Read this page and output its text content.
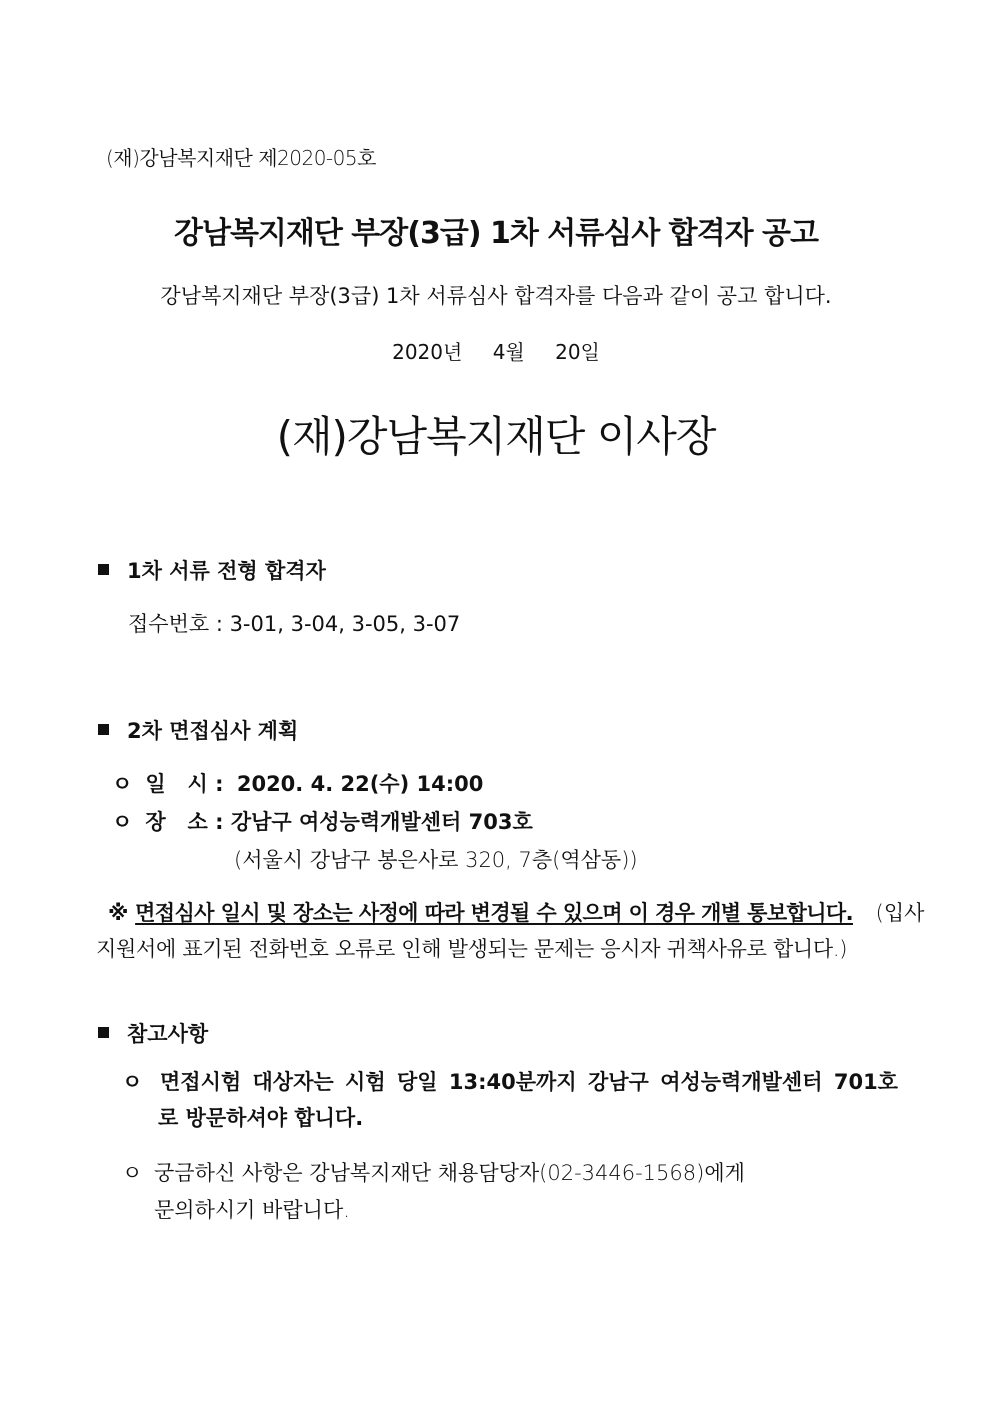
(재)강남복지재단 제2020-05호
강남복지재단 부장(3급) 1차 서류심사 합격자 공고
강남복지재단 부장(3급) 1차 서류심사 합격자를 다음과 같이 공고 합니다.
2020년 4월 20일
(재)강남복지재단 이사장
1차 서류 전형 합격자
접수번호 : 3-01, 3-04, 3-05, 3-07
2차 면접심사 계획
ㅇ 일   시 : 2020. 4. 22(수) 14:00
ㅇ 장   소 : 강남구 여성능력개발센터 703호
(서울시 강남구 봉은사로 320, 7층(역삼동))
※ 면접심사 일시 및 장소는 사정에 따라 변경될 수 있으며 이 경우 개별 통보합니다. (입사
지원서에 표기된 전화번호 오류로 인해 발생되는 문제는 응시자 귀책사유로 합니다.)
참고사항
ㅇ 면접시험 대상자는 시험 당일 13:40분까지 강남구 여성능력개발센터 701호
로 방문하셔야 합니다.
ㅇ 궁금하신 사항은 강남복지재단 채용담당자(02-3446-1568)에게
문의하시기 바랍니다.
